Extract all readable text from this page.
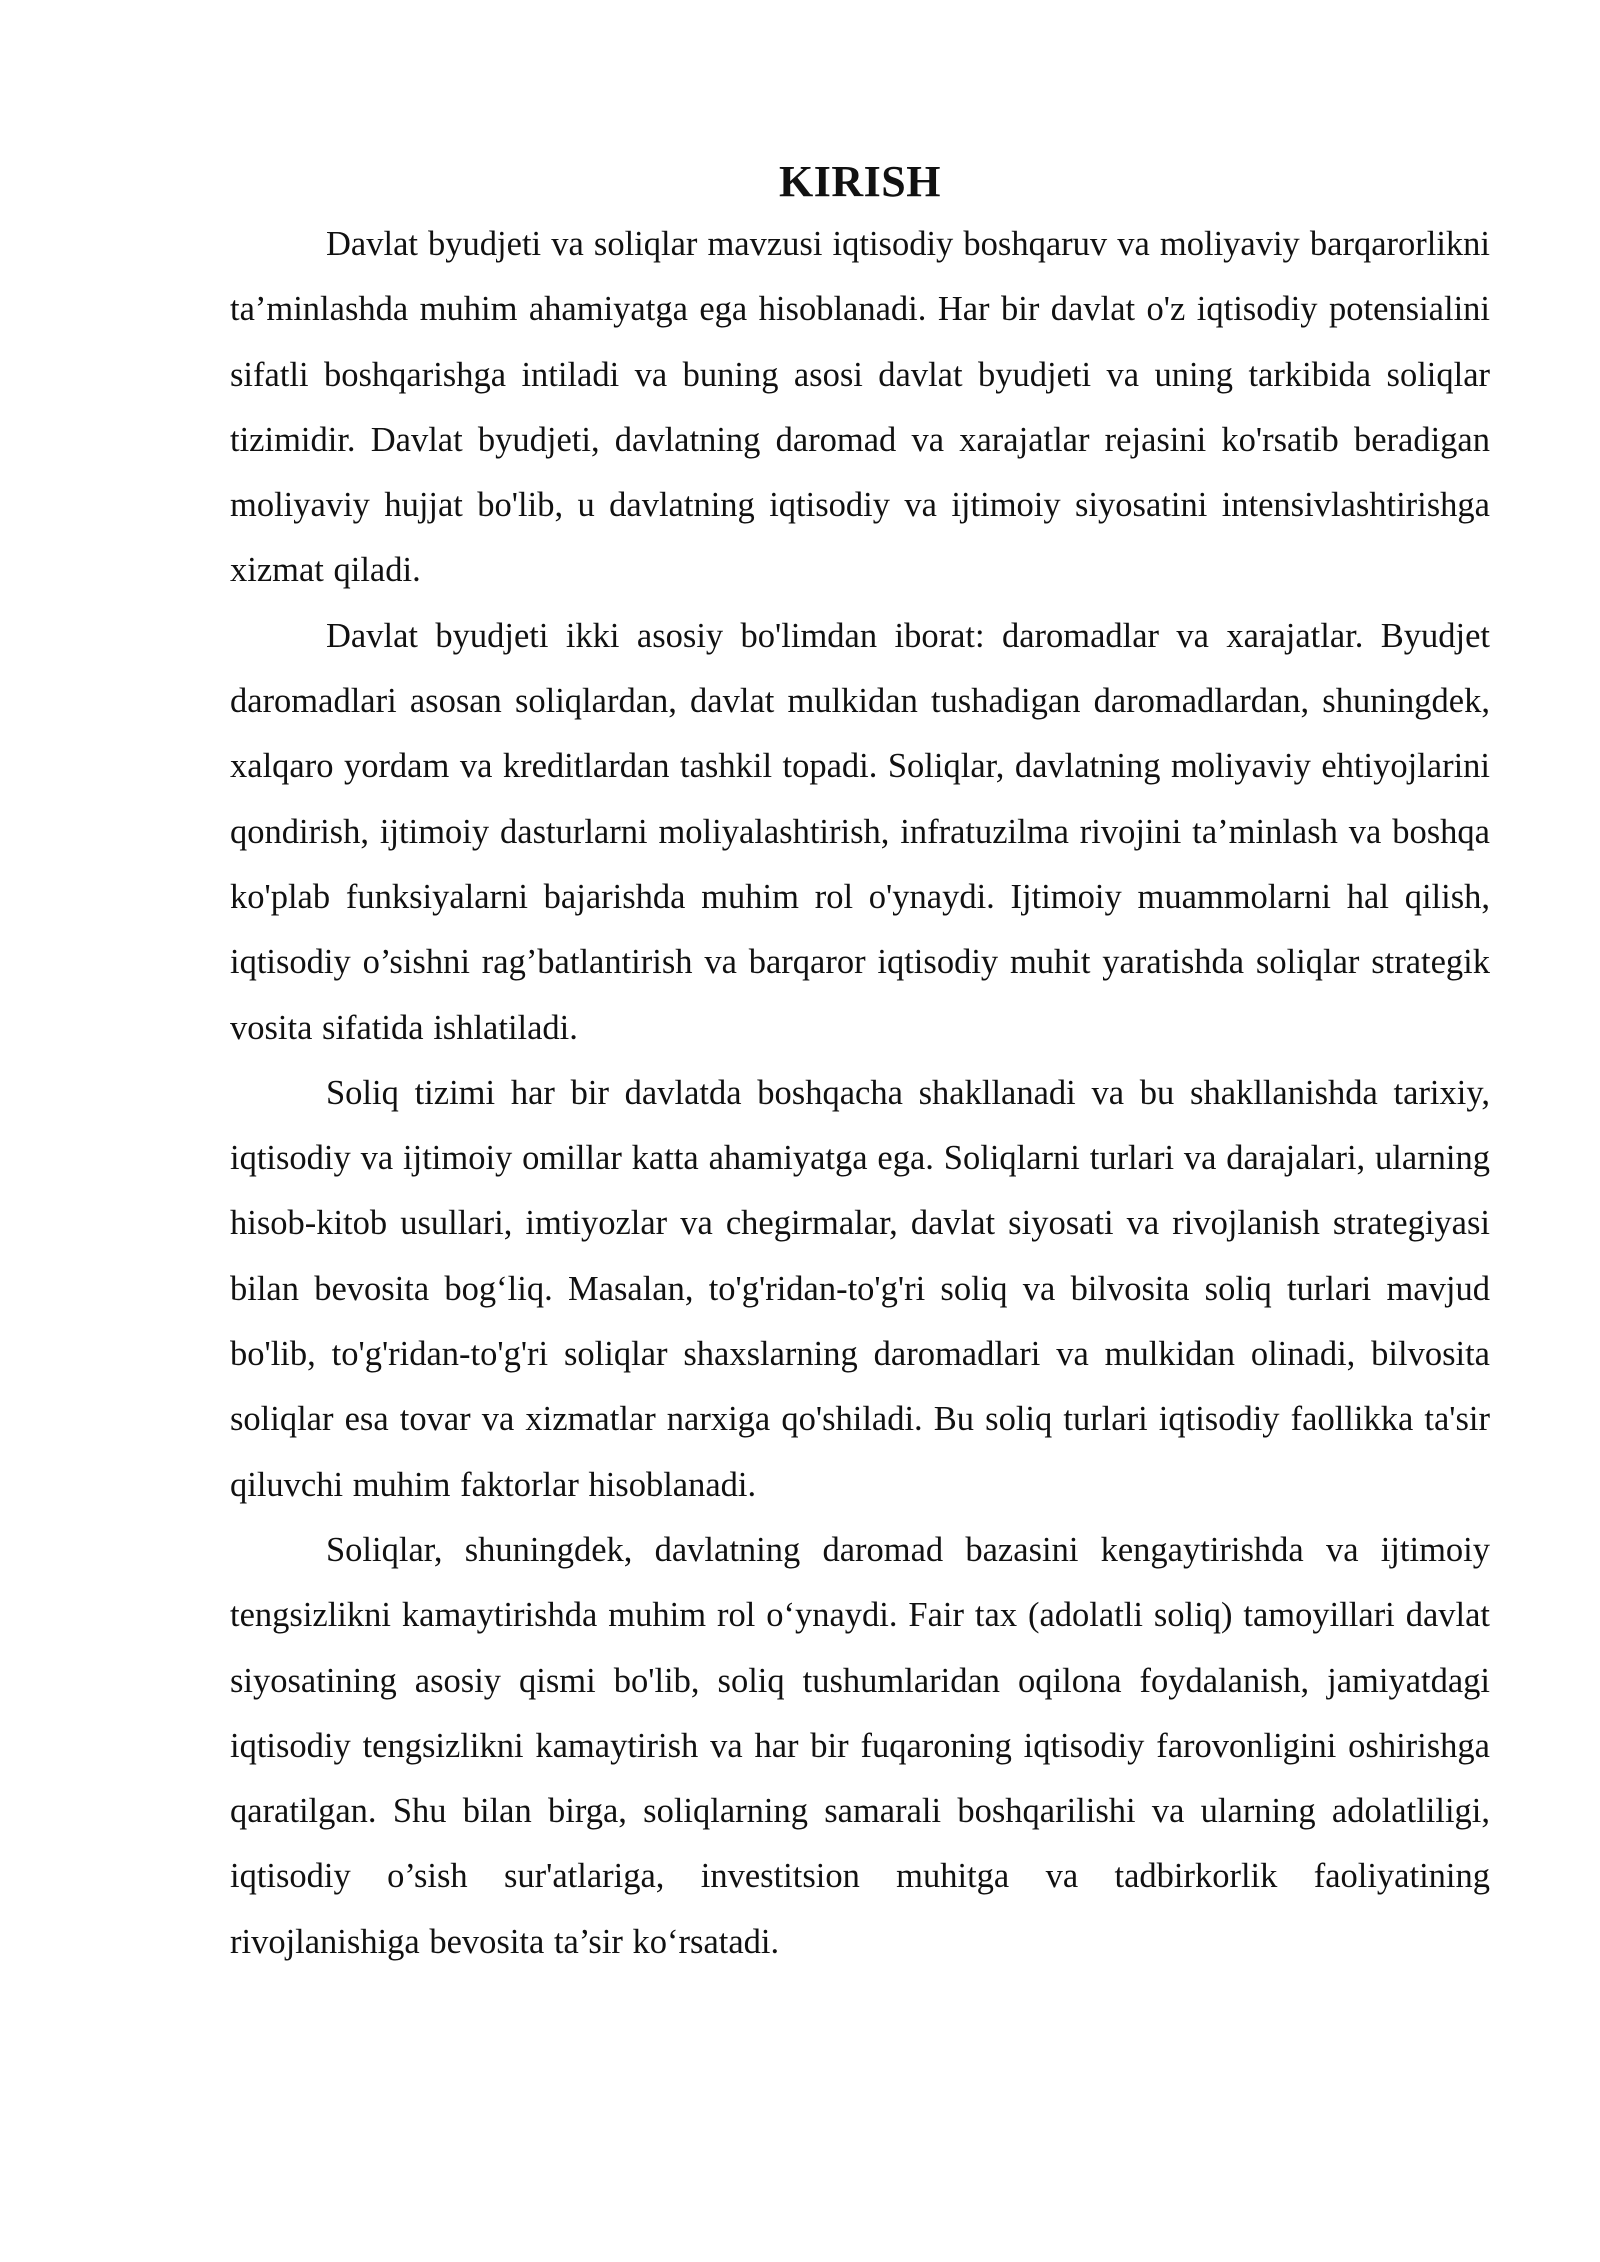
KIRISH

Davlat byudjeti va soliqlar mavzusi iqtisodiy boshqaruv va moliyaviy barqarorlikni ta’minlashda muhim ahamiyatga ega hisoblanadi. Har bir davlat o'z iqtisodiy potensialini sifatli boshqarishga intiladi va buning asosi davlat byudjeti va uning tarkibida soliqlar tizimidir. Davlat byudjeti, davlatning daromad va xarajatlar rejasini ko'rsatib beradigan moliyaviy hujjat bo'lib, u davlatning iqtisodiy va ijtimoiy siyosatini intensivlashtirishga xizmat qiladi.

Davlat byudjeti ikki asosiy bo'limdan iborat: daromadlar va xarajatlar. Byudjet daromadlari asosan soliqlardan, davlat mulkidan tushadigan daromadlardan, shuningdek, xalqaro yordam va kreditlardan tashkil topadi. Soliqlar, davlatning moliyaviy ehtiyojlarini qondirish, ijtimoiy dasturlarni moliyalashtirish, infratuzilma rivojini ta’minlash va boshqa ko'plab funksiyalarni bajarishda muhim rol o'ynaydi. Ijtimoiy muammolarni hal qilish, iqtisodiy o’sishni rag’batlantirish va barqaror iqtisodiy muhit yaratishda soliqlar strategik vosita sifatida ishlatiladi.

Soliq tizimi har bir davlatda boshqacha shakllanadi va bu shakllanishda tarixiy, iqtisodiy va ijtimoiy omillar katta ahamiyatga ega. Soliqlarni turlari va darajalari, ularning hisob-kitob usullari, imtiyozlar va chegirmalar, davlat siyosati va rivojlanish strategiyasi bilan bevosita bog‘liq. Masalan, to'g'ridan-to'g'ri soliq va bilvosita soliq turlari mavjud bo'lib, to'g'ridan-to'g'ri soliqlar shaxslarning daromadlari va mulkidan olinadi, bilvosita soliqlar esa tovar va xizmatlar narxiga qo'shiladi. Bu soliq turlari iqtisodiy faollikka ta'sir qiluvchi muhim faktorlar hisoblanadi.

Soliqlar, shuningdek, davlatning daromad bazasini kengaytirishda va ijtimoiy tengsizlikni kamaytirishda muhim rol o‘ynaydi. Fair tax (adolatli soliq) tamoyillari davlat siyosatining asosiy qismi bo'lib, soliq tushumlaridan oqilona foydalanish, jamiyatdagi iqtisodiy tengsizlikni kamaytirish va har bir fuqaroning iqtisodiy farovonligini oshirishga qaratilgan. Shu bilan birga, soliqlarning samarali boshqarilishi va ularning adolatliligi, iqtisodiy o’sish sur'atlariga, investitsion muhitga va tadbirkorlik faoliyatining rivojlanishiga bevosita ta’sir ko‘rsatadi.
